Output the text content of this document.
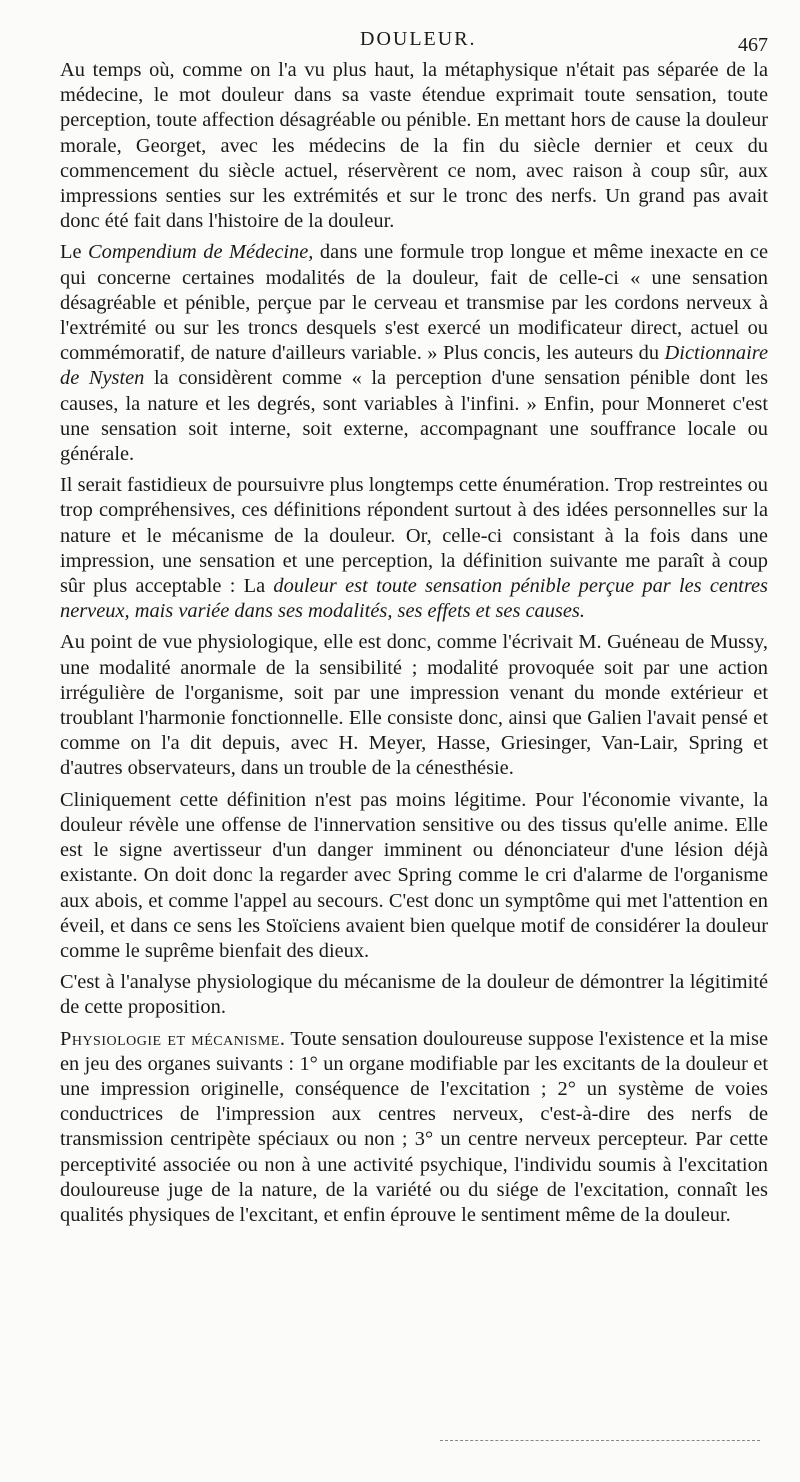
DOULEUR.	467

Au temps où, comme on l'a vu plus haut, la métaphysique n'était pas séparée de la médecine, le mot douleur dans sa vaste étendue exprimait toute sensation, toute perception, toute affection désagréable ou pénible. En mettant hors de cause la douleur morale, Georget, avec les médecins de la fin du siècle dernier et ceux du commencement du siècle actuel, réservèrent ce nom, avec raison à coup sûr, aux impressions senties sur les extrémités et sur le tronc des nerfs. Un grand pas avait donc été fait dans l'histoire de la douleur.

Le Compendium de Médecine, dans une formule trop longue et même inexacte en ce qui concerne certaines modalités de la douleur, fait de celle-ci « une sensation désagréable et pénible, perçue par le cerveau et transmise par les cordons nerveux à l'extrémité ou sur les troncs desquels s'est exercé un modificateur direct, actuel ou commémoratif, de nature d'ailleurs variable. » Plus concis, les auteurs du Dictionnaire de Nysten la considèrent comme « la perception d'une sensation pénible dont les causes, la nature et les degrés, sont variables à l'infini. » Enfin, pour Monneret c'est une sensation soit interne, soit externe, accompagnant une souffrance locale ou générale.

Il serait fastidieux de poursuivre plus longtemps cette énumération. Trop restreintes ou trop compréhensives, ces définitions répondent surtout à des idées personnelles sur la nature et le mécanisme de la douleur. Or, celle-ci consistant à la fois dans une impression, une sensation et une perception, la définition suivante me paraît à coup sûr plus acceptable : La douleur est toute sensation pénible perçue par les centres nerveux, mais variée dans ses modalités, ses effets et ses causes.

Au point de vue physiologique, elle est donc, comme l'écrivait M. Guéneau de Mussy, une modalité anormale de la sensibilité ; modalité provoquée soit par une action irrégulière de l'organisme, soit par une impression venant du monde extérieur et troublant l'harmonie fonctionnelle. Elle consiste donc, ainsi que Galien l'avait pensé et comme on l'a dit depuis, avec H. Meyer, Hasse, Griesinger, Van-Lair, Spring et d'autres observateurs, dans un trouble de la cénesthésie.

Cliniquement cette définition n'est pas moins légitime. Pour l'économie vivante, la douleur révèle une offense de l'innervation sensitive ou des tissus qu'elle anime. Elle est le signe avertisseur d'un danger imminent ou dénonciateur d'une lésion déjà existante. On doit donc la regarder avec Spring comme le cri d'alarme de l'organisme aux abois, et comme l'appel au secours. C'est donc un symptôme qui met l'attention en éveil, et dans ce sens les Stoïciens avaient bien quelque motif de considérer la douleur comme le suprême bienfait des dieux.

C'est à l'analyse physiologique du mécanisme de la douleur de démontrer la légitimité de cette proposition.

Physiologie et mécanisme. Toute sensation douloureuse suppose l'existence et la mise en jeu des organes suivants : 1° un organe modifiable par les excitants de la douleur et une impression originelle, conséquence de l'excitation ; 2° un système de voies conductrices de l'impression aux centres nerveux, c'est-à-dire des nerfs de transmission centripète spéciaux ou non ; 3° un centre nerveux percepteur. Par cette perceptivité associée ou non à une activité psychique, l'individu soumis à l'excitation douloureuse juge de la nature, de la variété ou du siége de l'excitation, connaît les qualités physiques de l'excitant, et enfin éprouve le sentiment même de la douleur.
